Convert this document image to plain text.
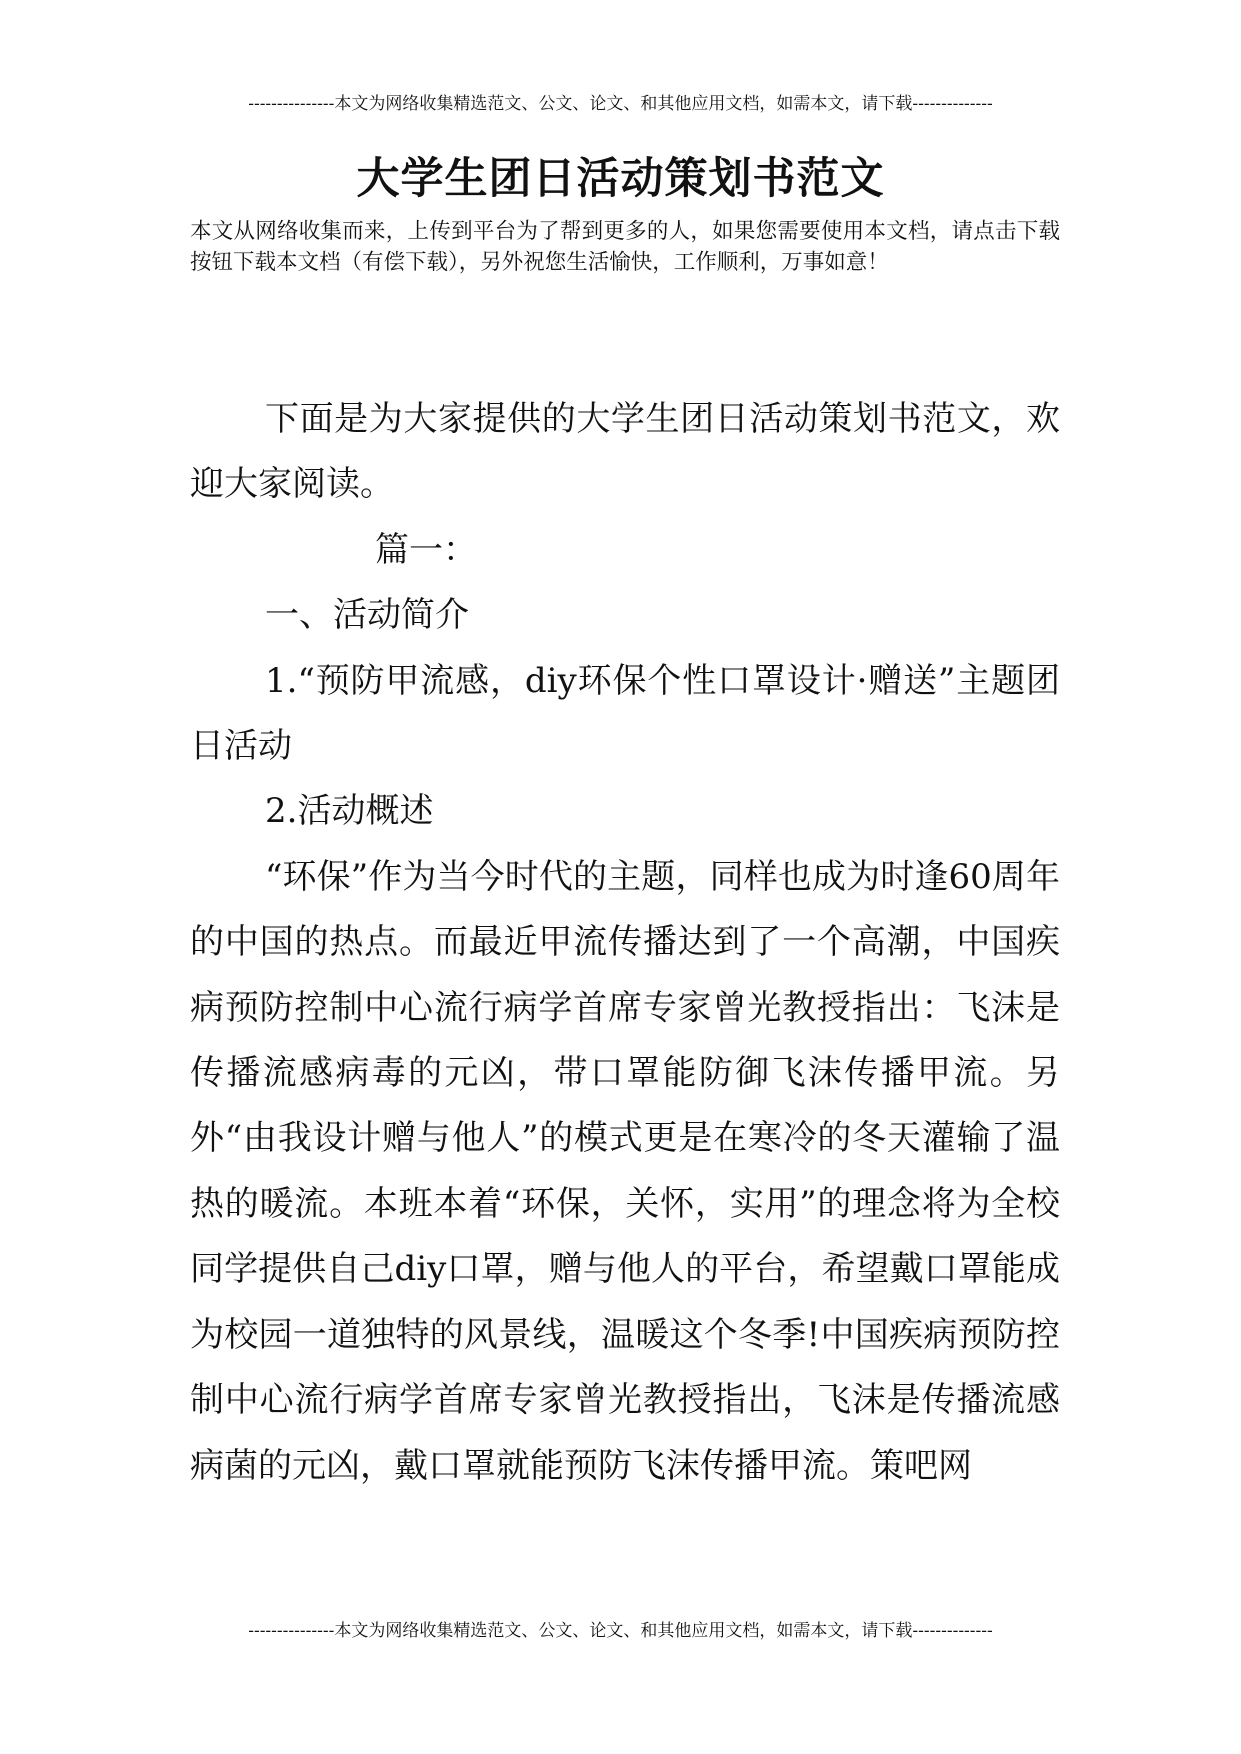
---------------本文为网络收集精选范文、公文、论文、和其他应用文档，如需本文，请下载--------------
大学生团日活动策划书范文
本文从网络收集而来，上传到平台为了帮到更多的人，如果您需要使用本文档，请点击下载按钮下载本文档（有偿下载），另外祝您生活愉快，工作顺利，万事如意！

下面是为大家提供的大学生团日活动策划书范文，欢迎大家阅读。

篇一：

一、活动简介

1.“预防甲流感，diy环保个性口罩设计·赠送”主题团日活动

2.活动概述

“环保”作为当今时代的主题，同样也成为时逢60周年的中国的热点。而最近甲流传播达到了一个高潮，中国疾病预防控制中心流行病学首席专家曾光教授指出：飞沫是传播流感病毒的元凶，带口罩能防御飞沫传播甲流。另外“由我设计赠与他人”的模式更是在寒冷的冬天灌输了温热的暖流。本班本着“环保，关怀，实用”的理念将为全校同学提供自己diy口罩，赠与他人的平台，希望戴口罩能成为校园一道独特的风景线，温暖这个冬季!中国疾病预防控制中心流行病学首席专家曾光教授指出，飞沫是传播流感病菌的元凶，戴口罩就能预防飞沫传播甲流。策吧网

---------------本文为网络收集精选范文、公文、论文、和其他应用文档，如需本文，请下载--------------
